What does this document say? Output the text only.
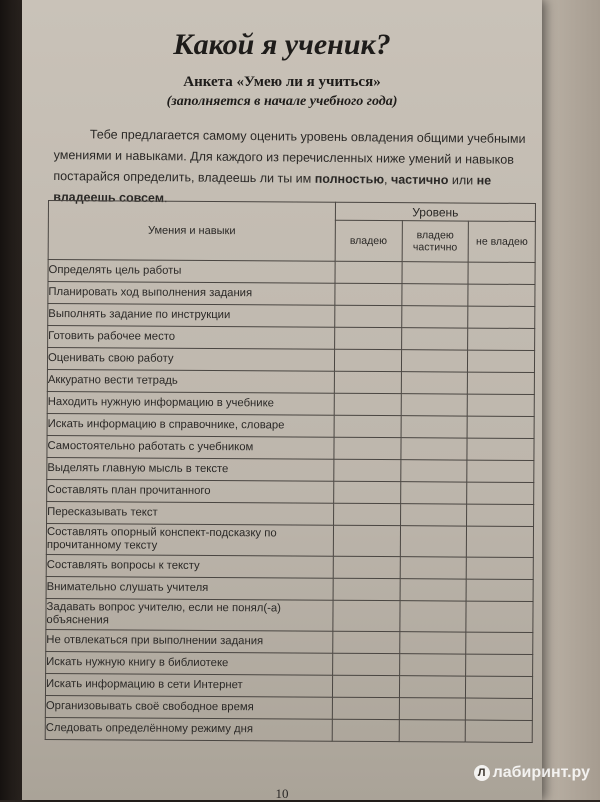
Какой я ученик?
Анкета «Умею ли я учиться»
(заполняется в начале учебного года)
Тебе предлагается самому оценить уровень овладения общими учебными умениями и навыками. Для каждого из перечисленных ниже умений и навыков постарайся определить, владеешь ли ты им полностью, частично или не владеешь совсем.
Умения и навыки	Уровень		
	владею	владею частично	не владею
Определять цель работы			
Планировать ход выполнения задания			
Выполнять задание по инструкции			
Готовить рабочее место			
Оценивать свою работу			
Аккуратно вести тетрадь			
Находить нужную информацию в учебнике			
Искать информацию в справочнике, словаре			
Самостоятельно работать с учебником			
Выделять главную мысль в тексте			
Составлять план прочитанного			
Пересказывать текст			
Составлять опорный конспект-подсказку по прочитанному тексту			
Составлять вопросы к тексту			
Внимательно слушать учителя			
Задавать вопрос учителю, если не понял(-а) объяснения			
Не отвлекаться при выполнении задания			
Искать нужную книгу в библиотеке			
Искать информацию в сети Интернет			
Организовывать своё свободное время			
Следовать определённому режиму дня			
10
Л лабиринт.ру
